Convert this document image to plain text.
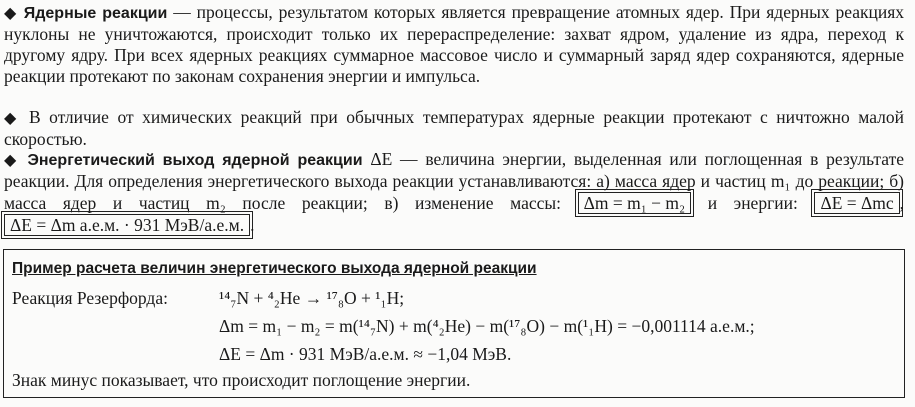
◆ Ядерные реакции — процессы, результатом которых является превращение атомных ядер. При ядерных реакциях нуклоны не уничтожаются, происходит только их перераспределение: захват ядром, удаление из ядра, переход к другому ядру. При всех ядерных реакциях суммарное массовое число и суммарный заряд ядер сохраняются, ядерные реакции протекают по законам сохранения энергии и импульса.

◆ В отличие от химических реакций при обычных температурах ядерные реакции протекают с ничтожно малой скоростью.

◆ Энергетический выход ядерной реакции ΔE — величина энергии, выделенная или поглощенная в результате реакции. Для определения энергетического выхода реакции устанавливаются: а) масса ядер и частиц m₁ до реакции; б) масса ядер и частиц m₂ после реакции; в) изменение массы: Δm = m₁ − m₂ и энергии: ΔE = Δmc , ΔE = Δm а.е.м. · 931 МэВ/а.е.м. .

Пример расчета величин энергетического выхода ядерной реакции
Реакция Резерфорда:	¹⁴₇N + ⁴₂He → ¹⁷₈O + ¹₁H;
Δm = m₁ − m₂ = m(¹⁴₇N) + m(⁴₂He) − m(¹⁷₈O) − m(¹₁H) = −0,001114 а.е.м.;
ΔE = Δm · 931 МэВ/а.е.м. ≈ −1,04 МэВ.
Знак минус показывает, что происходит поглощение энергии.
